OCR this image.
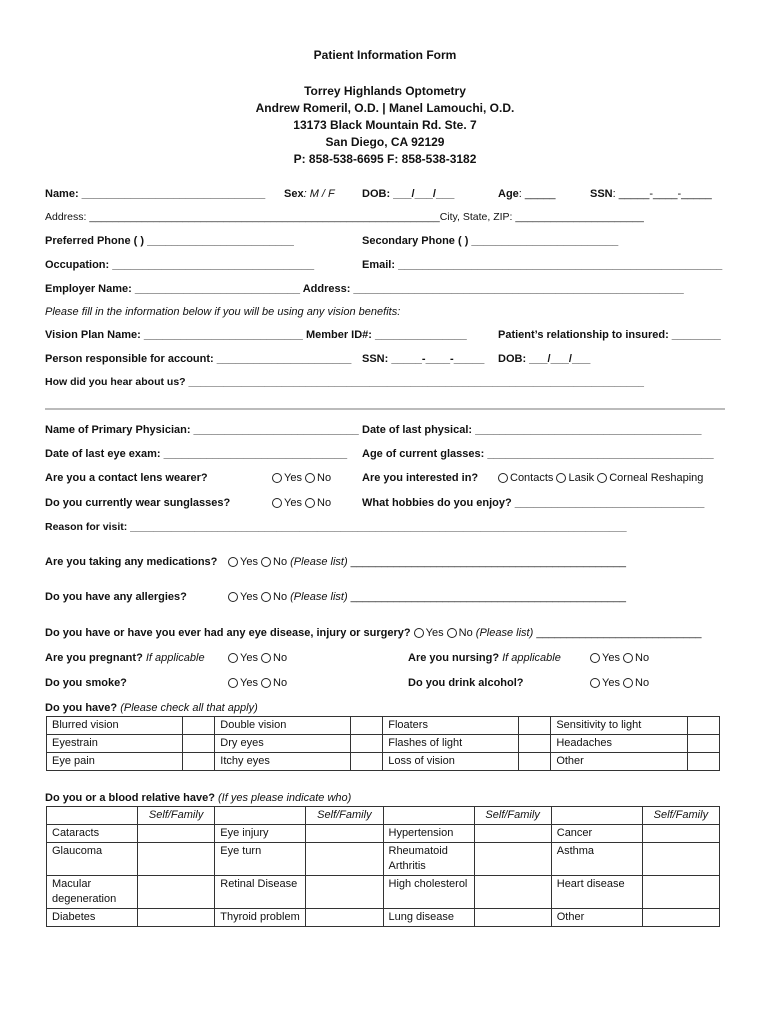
Patient Information Form
Torrey Highlands Optometry
Andrew Romeril, O.D. | Manel Lamouchi, O.D.
13173 Black Mountain Rd. Ste. 7
San Diego, CA 92129
P: 858-538-6695 F: 858-538-3182
Name: ______________________________ Sex: M / F DOB: ___/___/___	Age: _____	SSN: _____-____-_____
Address: ____________________________________________________________City, State, ZIP: ______________________
Preferred Phone ( ) ________________________	Secondary Phone ( ) ________________________
Occupation: _________________________________	Email: _____________________________________________________
Employer Name: ___________________________ Address: ______________________________________________________
Please fill in the information below if you will be using any vision benefits:
Vision Plan Name: __________________________ Member ID#: _______________	Patient’s relationship to insured: ________
Person responsible for account: ______________________ SSN: _____-____-_____ DOB: ___/___/___
How did you hear about us? ______________________________________________________________________________
Name of Primary Physician: ___________________________ Date of last physical: _____________________________________
Date of last eye exam: ______________________________ Age of current glasses: _____________________________________
Are you a contact lens wearer?	Yes No	Are you interested in?	Contacts Lasik Corneal Reshaping
Do you currently wear sunglasses?	Yes No	What hobbies do you enjoy? _______________________________
Reason for visit: _____________________________________________________________________________________
Are you taking any medications?	Yes No (Please list) _____________________________________________
Do you have any allergies?	Yes No (Please list) _____________________________________________
Do you have or have you ever had any eye disease, injury or surgery? Yes No (Please list) ___________________________
Are you pregnant? If applicable	Yes No	Are you nursing? If applicable	Yes No
Do you smoke?	Yes No	Do you drink alcohol?	Yes No
Do you have? (Please check all that apply)
Blurred vision		Double vision		Floaters		Sensitivity to light	
Eyestrain		Dry eyes		Flashes of light		Headaches	
Eye pain		Itchy eyes		Loss of vision		Other	
Do you or a blood relative have? (If yes please indicate who)
	Self/Family		Self/Family		Self/Family		Self/Family
Cataracts		Eye injury		Hypertension		Cancer	
Glaucoma		Eye turn		Rheumatoid Arthritis		Asthma	
Macular degeneration		Retinal Disease		High cholesterol		Heart disease	
Diabetes		Thyroid problem		Lung disease		Other	
